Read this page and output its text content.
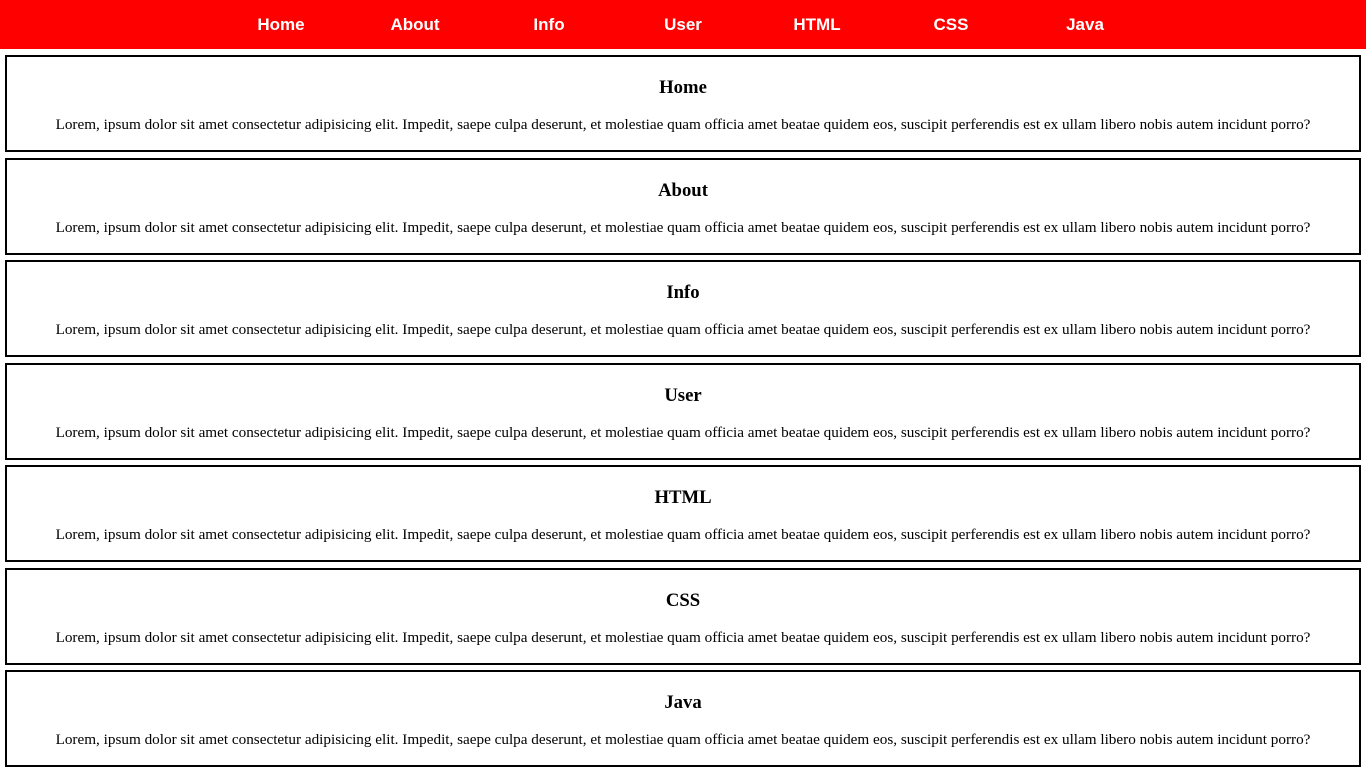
Home	About	Info	User	HTML	CSS	Java
Home

Lorem, ipsum dolor sit amet consectetur adipisicing elit. Impedit, saepe culpa deserunt, et molestiae quam officia amet beatae quidem eos, suscipit perferendis est ex ullam libero nobis autem incidunt porro?

About

Lorem, ipsum dolor sit amet consectetur adipisicing elit. Impedit, saepe culpa deserunt, et molestiae quam officia amet beatae quidem eos, suscipit perferendis est ex ullam libero nobis autem incidunt porro?

Info

Lorem, ipsum dolor sit amet consectetur adipisicing elit. Impedit, saepe culpa deserunt, et molestiae quam officia amet beatae quidem eos, suscipit perferendis est ex ullam libero nobis autem incidunt porro?

User

Lorem, ipsum dolor sit amet consectetur adipisicing elit. Impedit, saepe culpa deserunt, et molestiae quam officia amet beatae quidem eos, suscipit perferendis est ex ullam libero nobis autem incidunt porro?

HTML

Lorem, ipsum dolor sit amet consectetur adipisicing elit. Impedit, saepe culpa deserunt, et molestiae quam officia amet beatae quidem eos, suscipit perferendis est ex ullam libero nobis autem incidunt porro?

CSS

Lorem, ipsum dolor sit amet consectetur adipisicing elit. Impedit, saepe culpa deserunt, et molestiae quam officia amet beatae quidem eos, suscipit perferendis est ex ullam libero nobis autem incidunt porro?

Java

Lorem, ipsum dolor sit amet consectetur adipisicing elit. Impedit, saepe culpa deserunt, et molestiae quam officia amet beatae quidem eos, suscipit perferendis est ex ullam libero nobis autem incidunt porro?
